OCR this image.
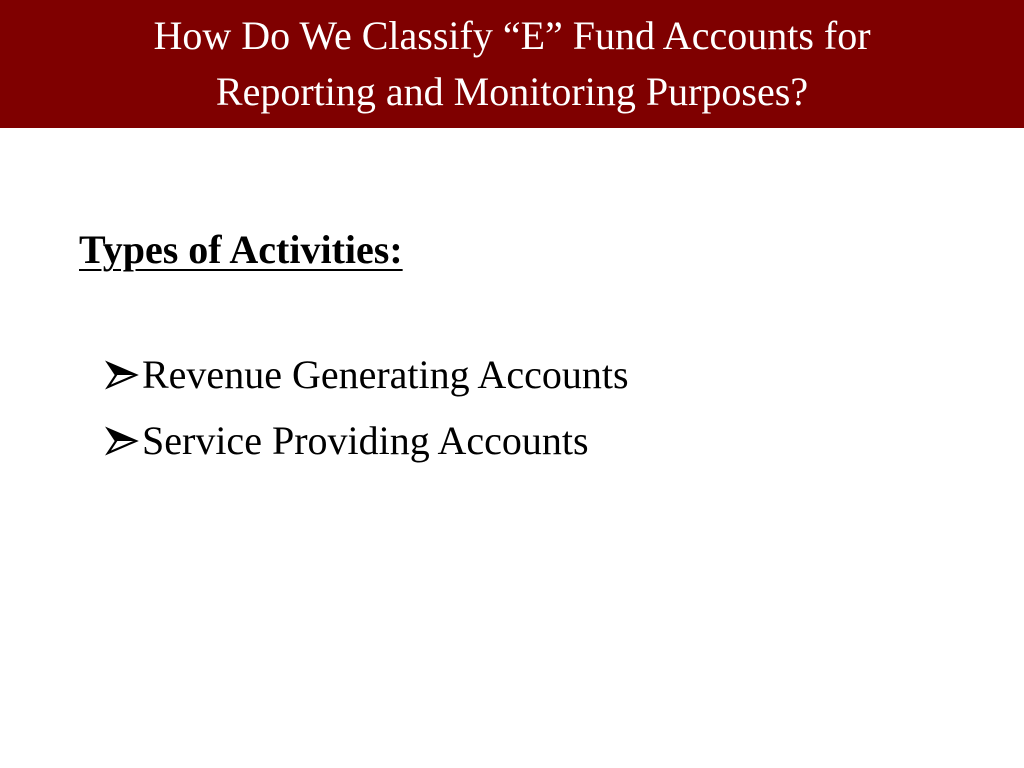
How Do We Classify “E” Fund Accounts for
Reporting and Monitoring Purposes?
Types of Activities:
Revenue Generating Accounts
Service Providing Accounts
